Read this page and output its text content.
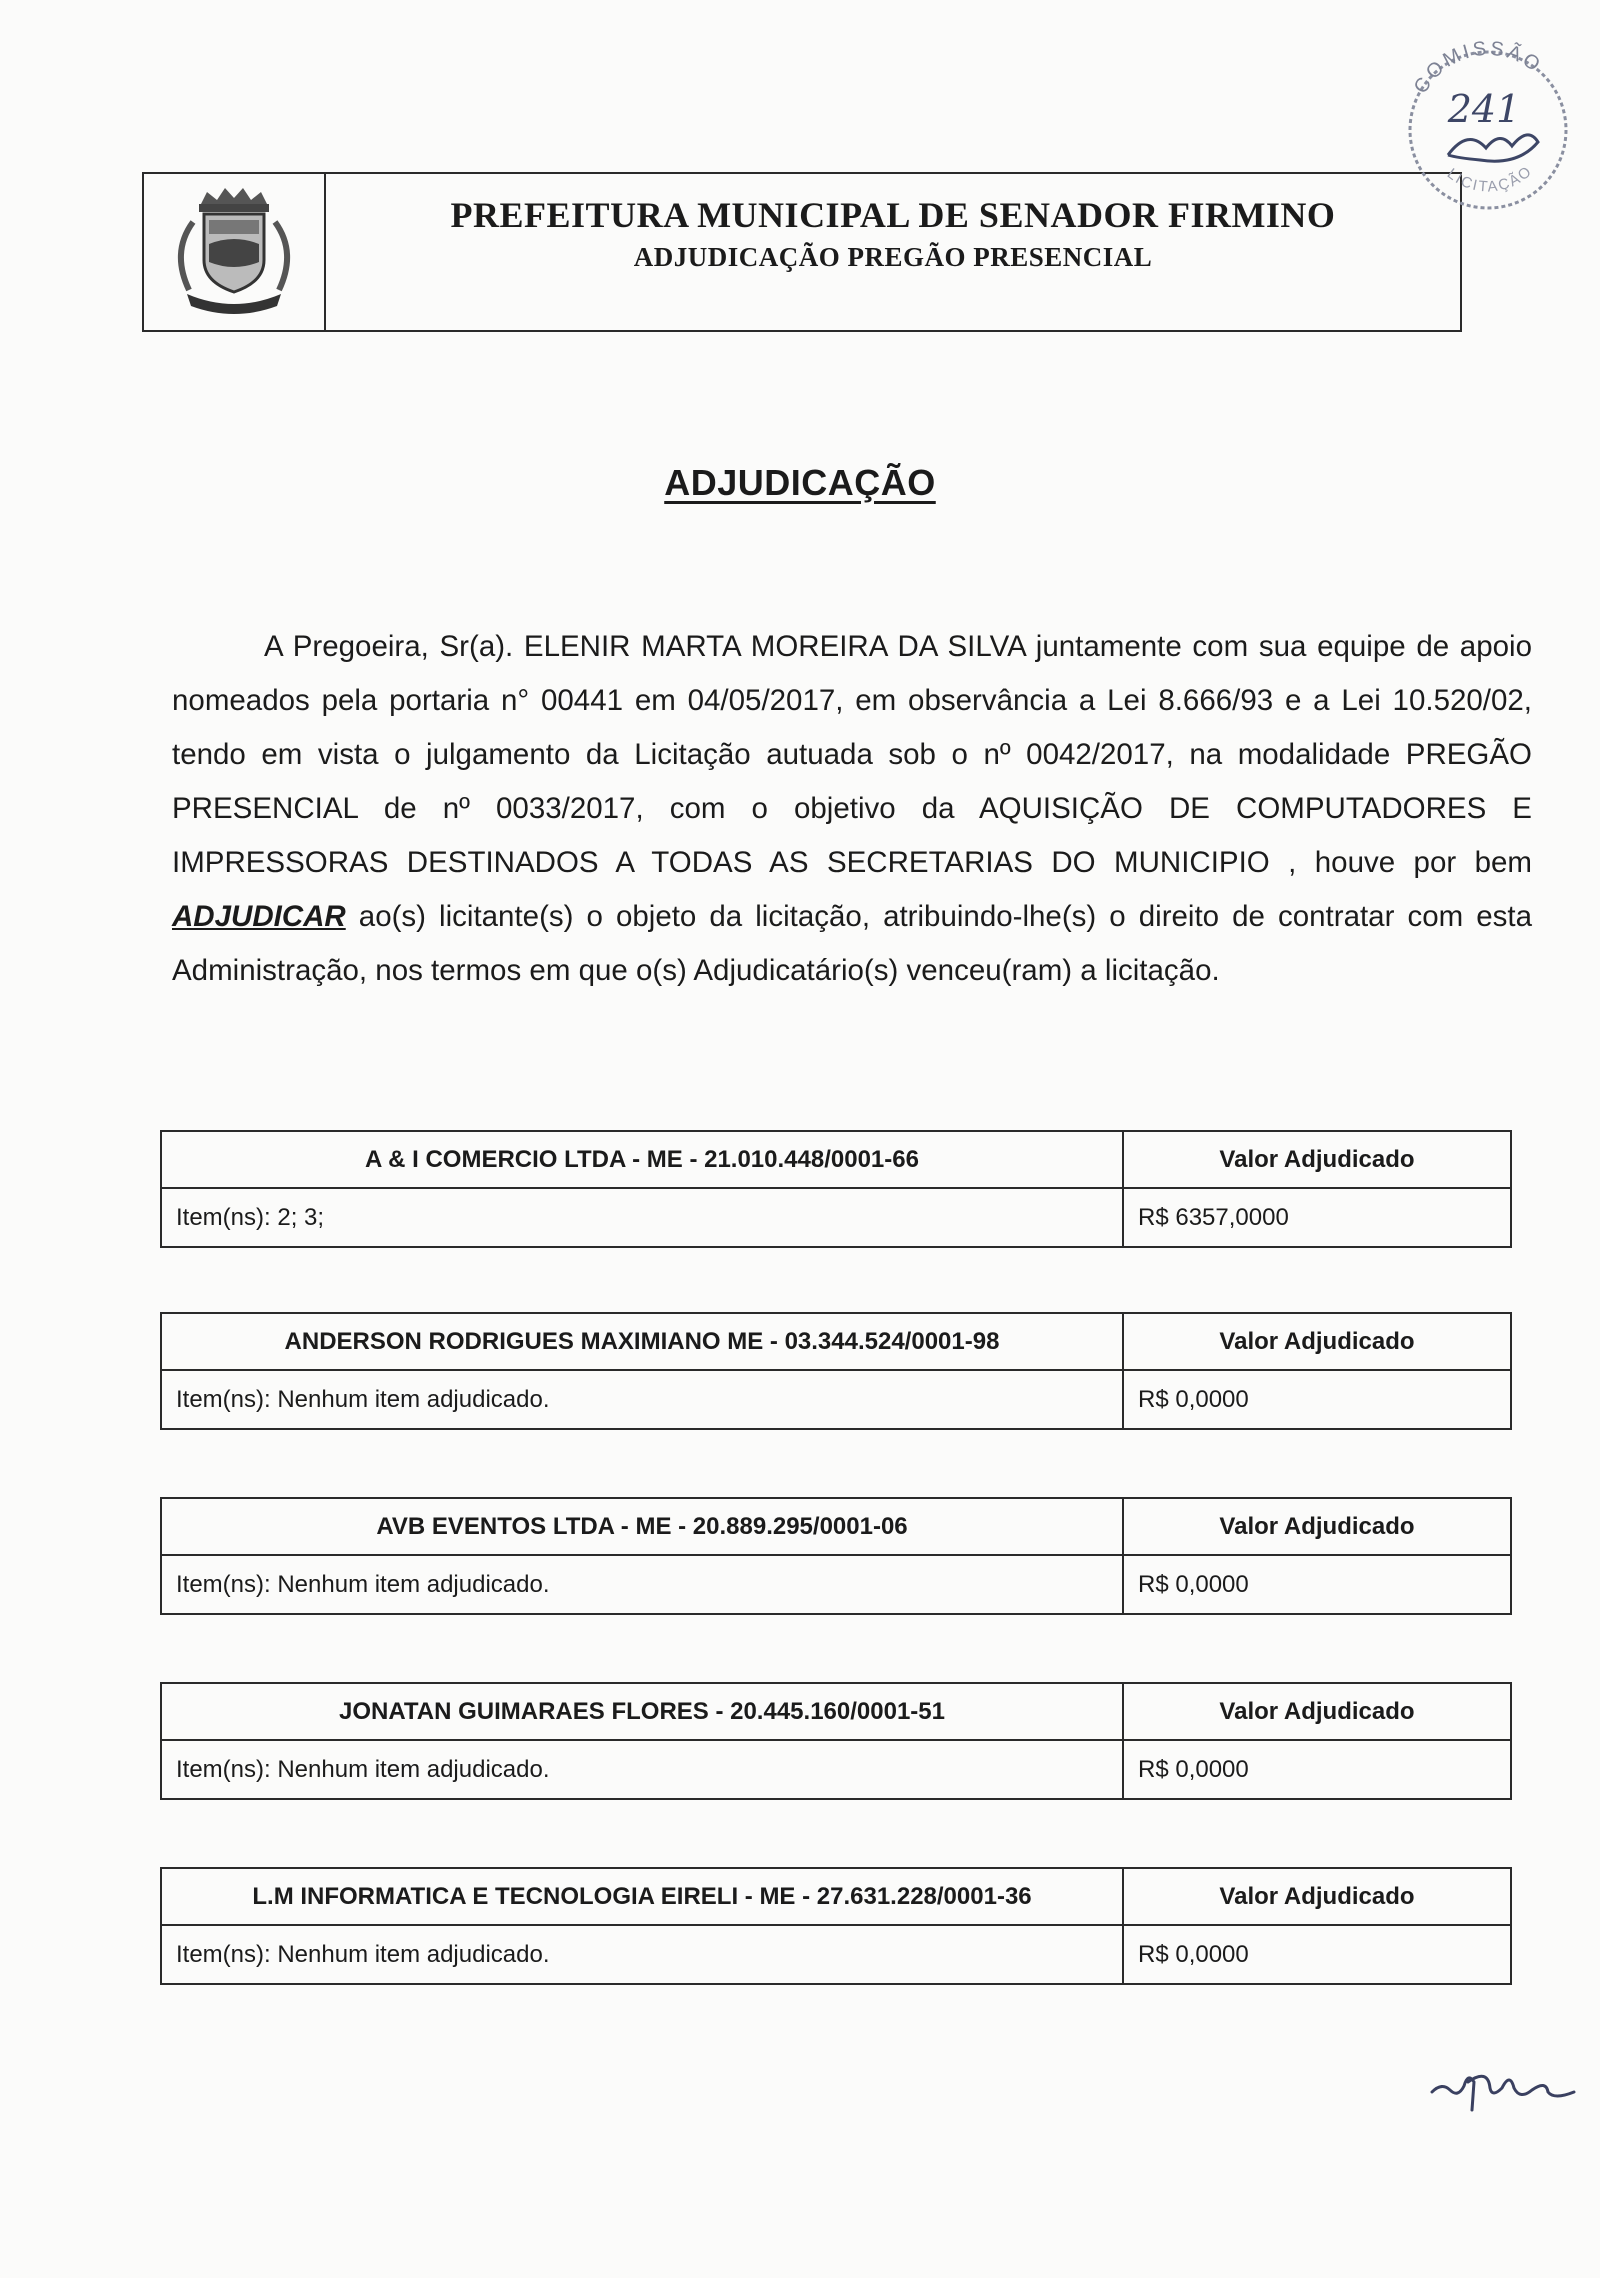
PREFEITURA MUNICIPAL DE SENADOR FIRMINO
ADJUDICAÇÃO PREGÃO PRESENCIAL
COMISSÃO
LICITAÇÃO
241
ADJUDICAÇÃO

A Pregoeira, Sr(a). ELENIR MARTA MOREIRA DA SILVA juntamente com sua equipe de apoio nomeados pela portaria n° 00441 em 04/05/2017, em observância a Lei 8.666/93 e a Lei 10.520/02, tendo em vista o julgamento da Licitação autuada sob o nº 0042/2017, na modalidade PREGÃO PRESENCIAL de nº 0033/2017, com o objetivo da AQUISIÇÃO DE COMPUTADORES E IMPRESSORAS DESTINADOS A TODAS AS SECRETARIAS DO MUNICIPIO , houve por bem ADJUDICAR ao(s) licitante(s) o objeto da licitação, atribuindo-lhe(s) o direito de contratar com esta Administração, nos termos em que o(s) Adjudicatário(s) venceu(ram) a licitação.

A & I COMERCIO LTDA - ME - 21.010.448/0001-66	Valor Adjudicado
Item(ns): 2; 3;	R$ 6357,0000
ANDERSON RODRIGUES MAXIMIANO ME - 03.344.524/0001-98	Valor Adjudicado
Item(ns): Nenhum item adjudicado.	R$ 0,0000
AVB EVENTOS LTDA - ME - 20.889.295/0001-06	Valor Adjudicado
Item(ns): Nenhum item adjudicado.	R$ 0,0000
JONATAN GUIMARAES FLORES - 20.445.160/0001-51	Valor Adjudicado
Item(ns): Nenhum item adjudicado.	R$ 0,0000
L.M INFORMATICA E TECNOLOGIA EIRELI - ME - 27.631.228/0001-36	Valor Adjudicado
Item(ns): Nenhum item adjudicado.	R$ 0,0000
